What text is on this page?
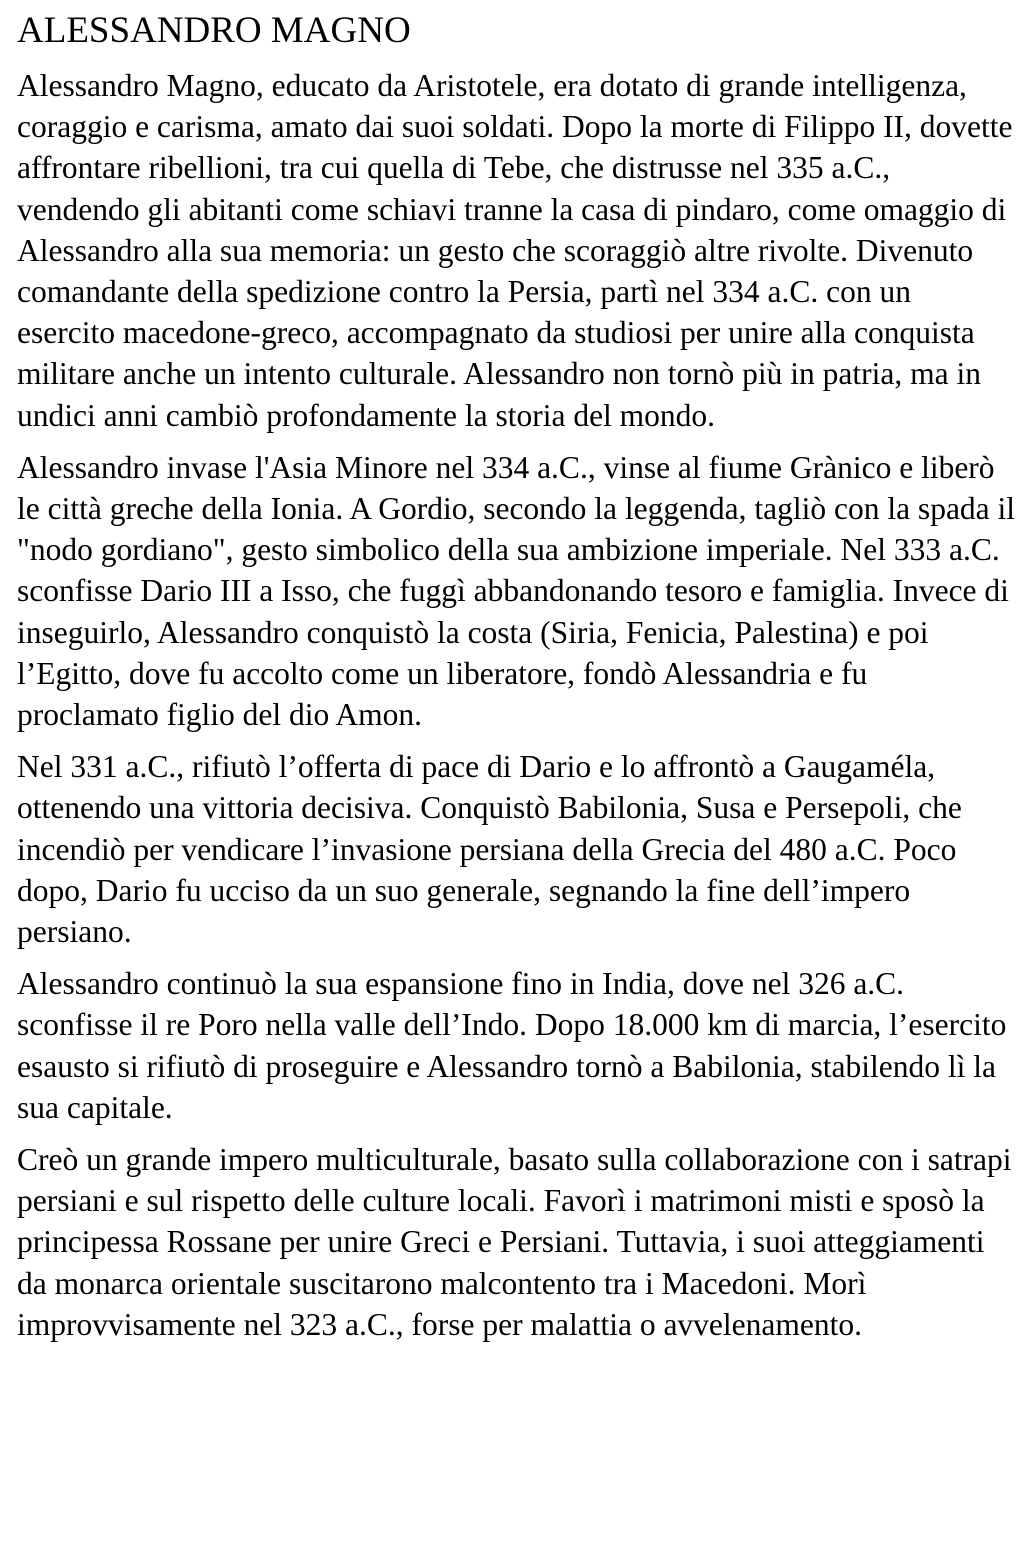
ALESSANDRO MAGNO

Alessandro Magno, educato da Aristotele, era dotato di grande intelligenza, coraggio e carisma, amato dai suoi soldati. Dopo la morte di Filippo II, dovette affrontare ribellioni, tra cui quella di Tebe, che distrusse nel 335 a.C., vendendo gli abitanti come schiavi tranne la casa di pindaro, come omaggio di Alessandro alla sua memoria: un gesto che scoraggiò altre rivolte. Divenuto comandante della spedizione contro la Persia, partì nel 334 a.C. con un esercito macedone-greco, accompagnato da studiosi per unire alla conquista militare anche un intento culturale. Alessandro non tornò più in patria, ma in undici anni cambiò profondamente la storia del mondo.

Alessandro invase l'Asia Minore nel 334 a.C., vinse al fiume Grànico e liberò le città greche della Ionia. A Gordio, secondo la leggenda, tagliò con la spada il "nodo gordiano", gesto simbolico della sua ambizione imperiale. Nel 333 a.C. sconfisse Dario III a Isso, che fuggì abbandonando tesoro e famiglia. Invece di inseguirlo, Alessandro conquistò la costa (Siria, Fenicia, Palestina) e poi l’Egitto, dove fu accolto come un liberatore, fondò Alessandria e fu proclamato figlio del dio Amon.

Nel 331 a.C., rifiutò l’offerta di pace di Dario e lo affrontò a Gaugaméla, ottenendo una vittoria decisiva. Conquistò Babilonia, Susa e Persepoli, che incendiò per vendicare l’invasione persiana della Grecia del 480 a.C. Poco dopo, Dario fu ucciso da un suo generale, segnando la fine dell’impero persiano.

Alessandro continuò la sua espansione fino in India, dove nel 326 a.C. sconfisse il re Poro nella valle dell’Indo. Dopo 18.000 km di marcia, l’esercito esausto si rifiutò di proseguire e Alessandro tornò a Babilonia, stabilendo lì la sua capitale.

Creò un grande impero multiculturale, basato sulla collaborazione con i satrapi persiani e sul rispetto delle culture locali. Favorì i matrimoni misti e sposò la principessa Rossane per unire Greci e Persiani. Tuttavia, i suoi atteggiamenti da monarca orientale suscitarono malcontento tra i Macedoni. Morì improvvisamente nel 323 a.C., forse per malattia o avvelenamento.
